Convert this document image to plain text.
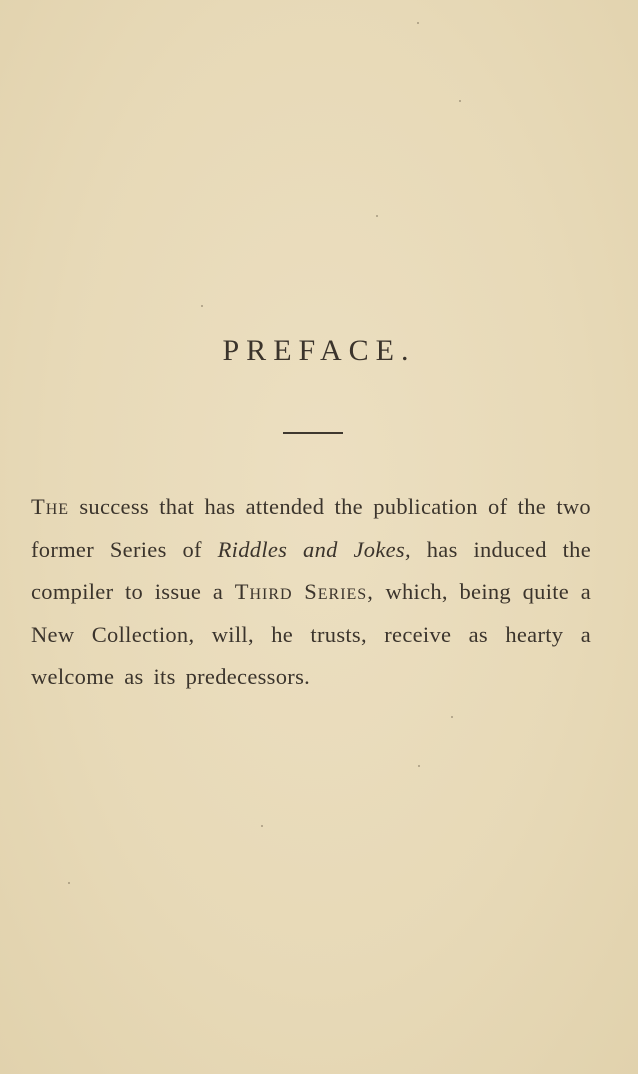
PREFACE.
The success that has attended the publication of the two former Series of Riddles and Jokes, has induced the compiler to issue a Third Series, which, being quite a New Collection, will, he trusts, receive as hearty a welcome as its predecessors.
